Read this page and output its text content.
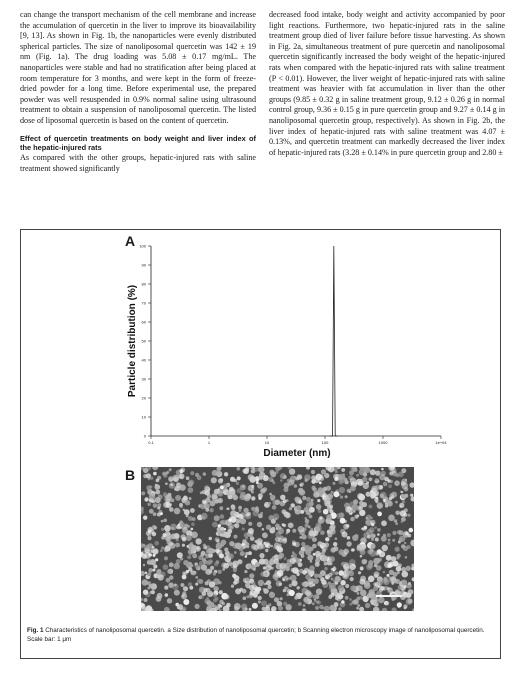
can change the transport mechanism of the cell membrane and increase the accumulation of quercetin in the liver to improve its bioavailability [9, 13]. As shown in Fig. 1b, the nanoparticles were evenly distributed spherical particles. The size of nanoliposomal quercetin was 142 ± 19 nm (Fig. 1a). The drug loading was 5.08 ± 0.17 mg/mL. The nanoparticles were stable and had no stratification after being placed at room temperature for 3 months, and were kept in the form of freeze-dried powder for a long time. Before experimental use, the prepared powder was well resuspended in 0.9% normal saline using ultrasound treatment to obtain a suspension of nanoliposomal quercetin. The listed dose of liposomal quercetin is based on the content of quercetin.

Effect of quercetin treatments on body weight and liver index of the hepatic-injured rats

As compared with the other groups, hepatic-injured rats with saline treatment showed significantly

decreased food intake, body weight and activity accompanied by poor light reactions. Furthermore, two hepatic-injured rats in the saline treatment group died of liver failure before tissue harvesting. As shown in Fig. 2a, simultaneous treatment of pure quercetin and nanoliposomal quercetin significantly increased the body weight of the hepatic-injured rats when compared with the hepatic-injured rats with saline treatment (P < 0.01). However, the liver weight of hepatic-injured rats with saline treatment was heavier with fat accumulation in liver than the other groups (9.85 ± 0.32 g in saline treatment group, 9.12 ± 0.26 g in normal control group, 9.36 ± 0.15 g in pure quercetin group and 9.27 ± 0.14 g in nanoliposomal quercetin group, respectively). As shown in Fig. 2b, the liver index of hepatic-injured rats with saline treatment was 4.07 ± 0.13%, and quercetin treatment can markedly decreased the liver index of hepatic-injured rats (3.28 ± 0.14% in pure quercetin group and 2.80 ±

0
10
20
30
40
50
60
70
80
90
100
0.1	1	10	100	1000	1e+04
Diameter (nm)
Particle distribution (%)
A
B
Fig. 1 Characteristics of nanoliposomal quercetin. a Size distribution of nanoliposomal quercetin; b Scanning electron microscopy image of nanoliposomal quercetin. Scale bar: 1 μm
